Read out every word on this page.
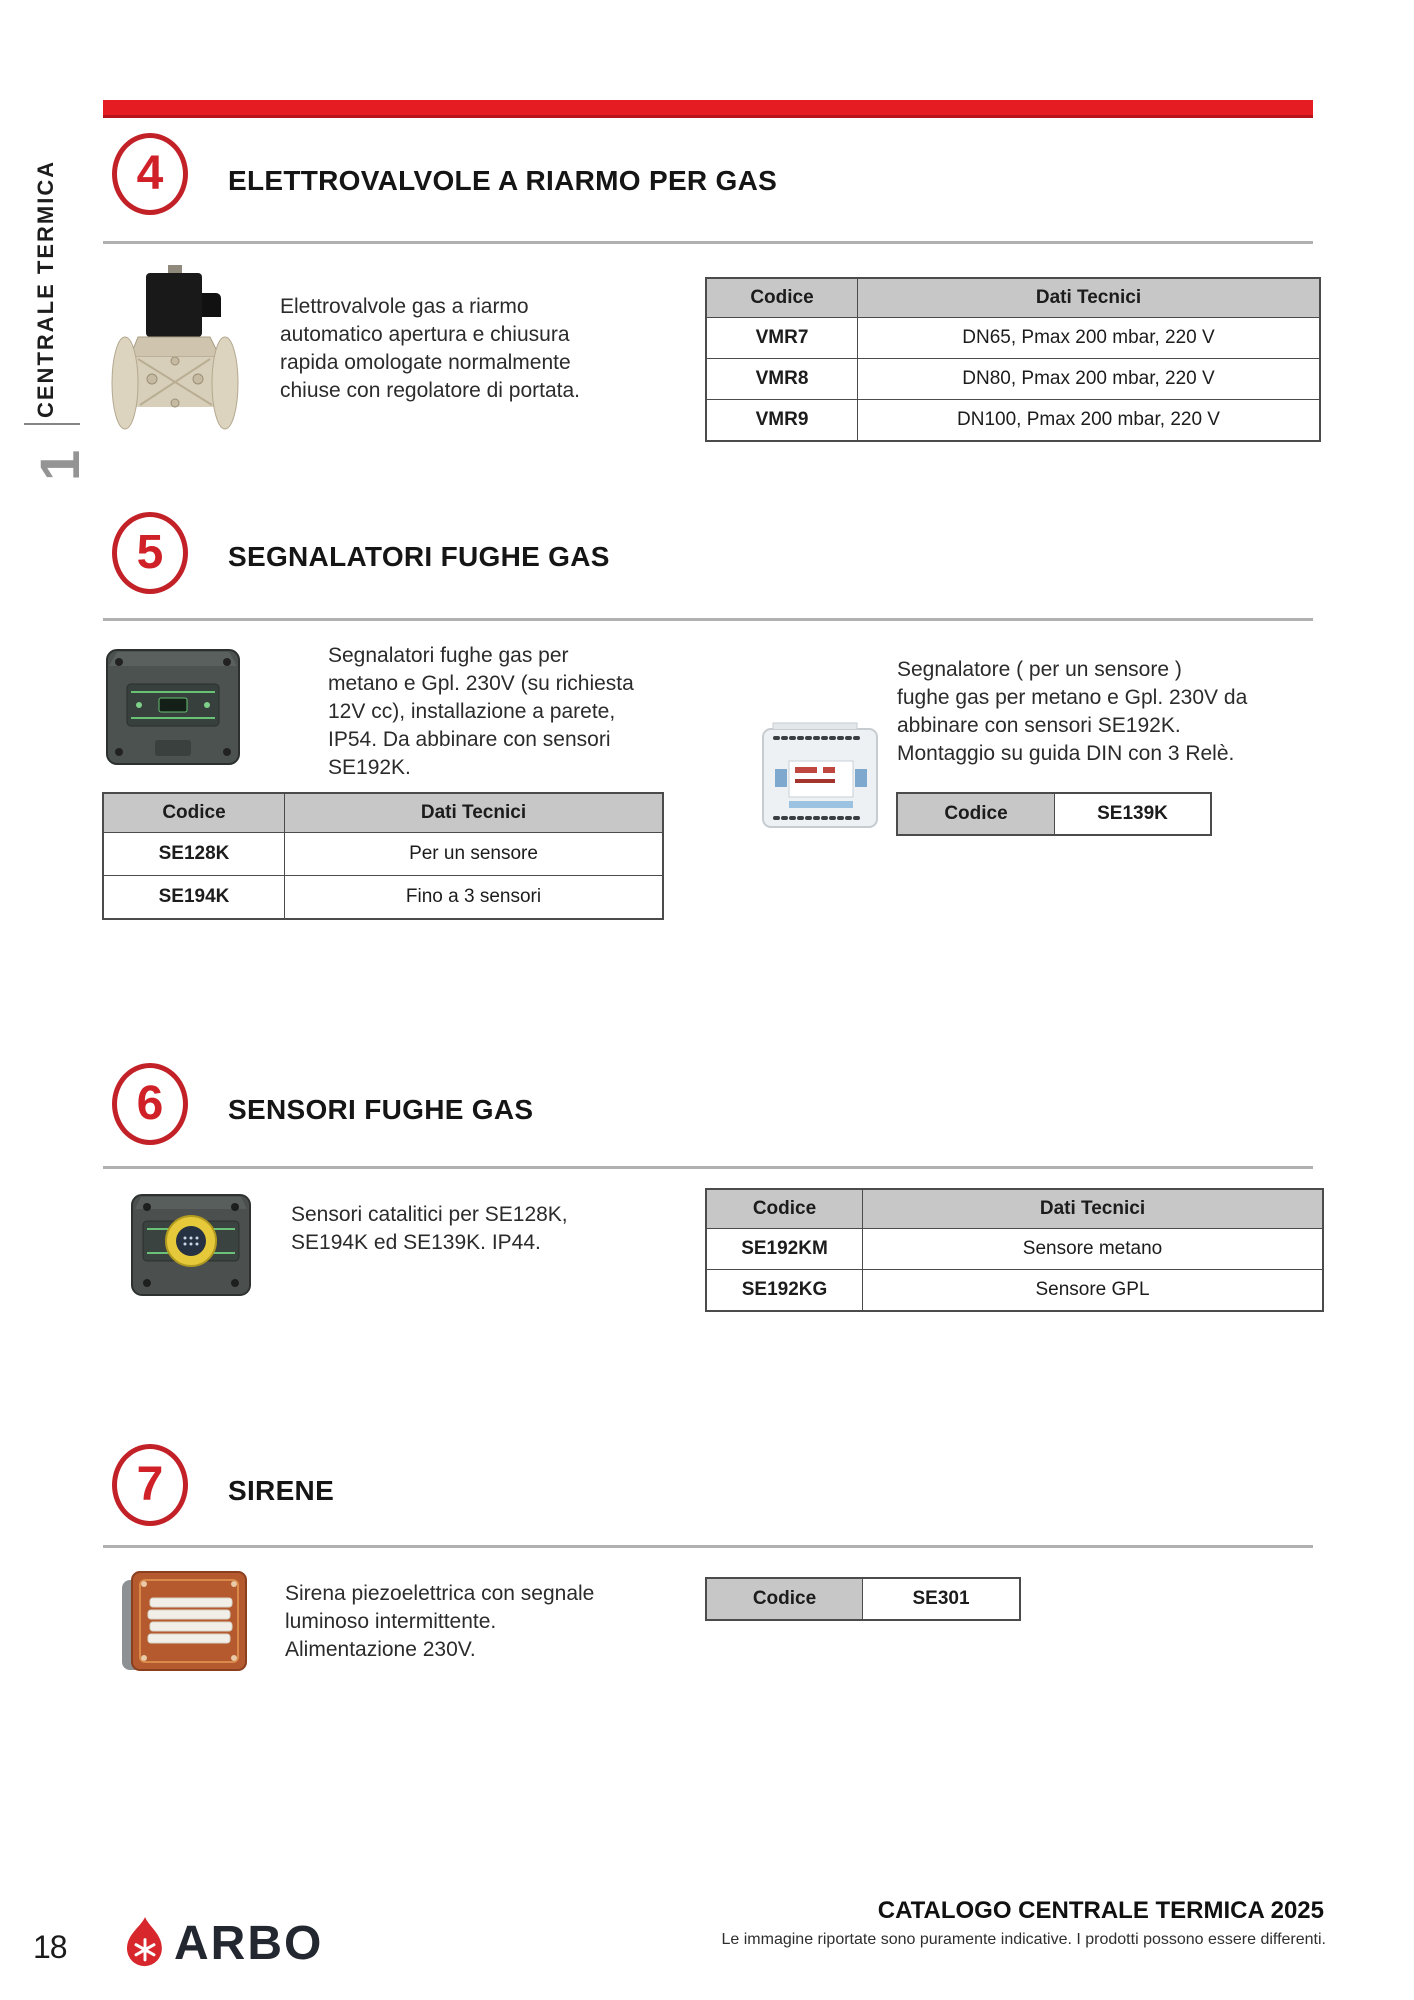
CENTRALE TERMICA
1
4 ELETTROVALVOLE A RIARMO PER GAS
Elettrovalvole gas a riarmo
automatico apertura e chiusura
rapida omologate normalmente
chiuse con regolatore di portata.
Codice	Dati Tecnici
VMR7	DN65, Pmax 200 mbar, 220 V
VMR8	DN80, Pmax 200 mbar, 220 V
VMR9	DN100, Pmax 200 mbar, 220 V
5 SEGNALATORI FUGHE GAS
Segnalatori fughe gas per
metano e Gpl. 230V (su richiesta
12V cc), installazione a parete,
IP54. Da abbinare con sensori
SE192K.
Codice	Dati Tecnici
SE128K	Per un sensore
SE194K	Fino a 3 sensori
Segnalatore ( per un sensore )
fughe gas per metano e Gpl. 230V da
abbinare con sensori SE192K.
Montaggio su guida DIN con 3 Relè.
Codice	SE139K
6 SENSORI FUGHE GAS
Sensori catalitici per SE128K,
SE194K ed SE139K. IP44.
Codice	Dati Tecnici
SE192KM	Sensore metano
SE192KG	Sensore GPL
7 SIRENE
Sirena piezoelettrica con segnale
luminoso intermittente.
Alimentazione 230V.
Codice	SE301
18 ARBO
CATALOGO CENTRALE TERMICA 2025
Le immagine riportate sono puramente indicative. I prodotti possono essere differenti.
